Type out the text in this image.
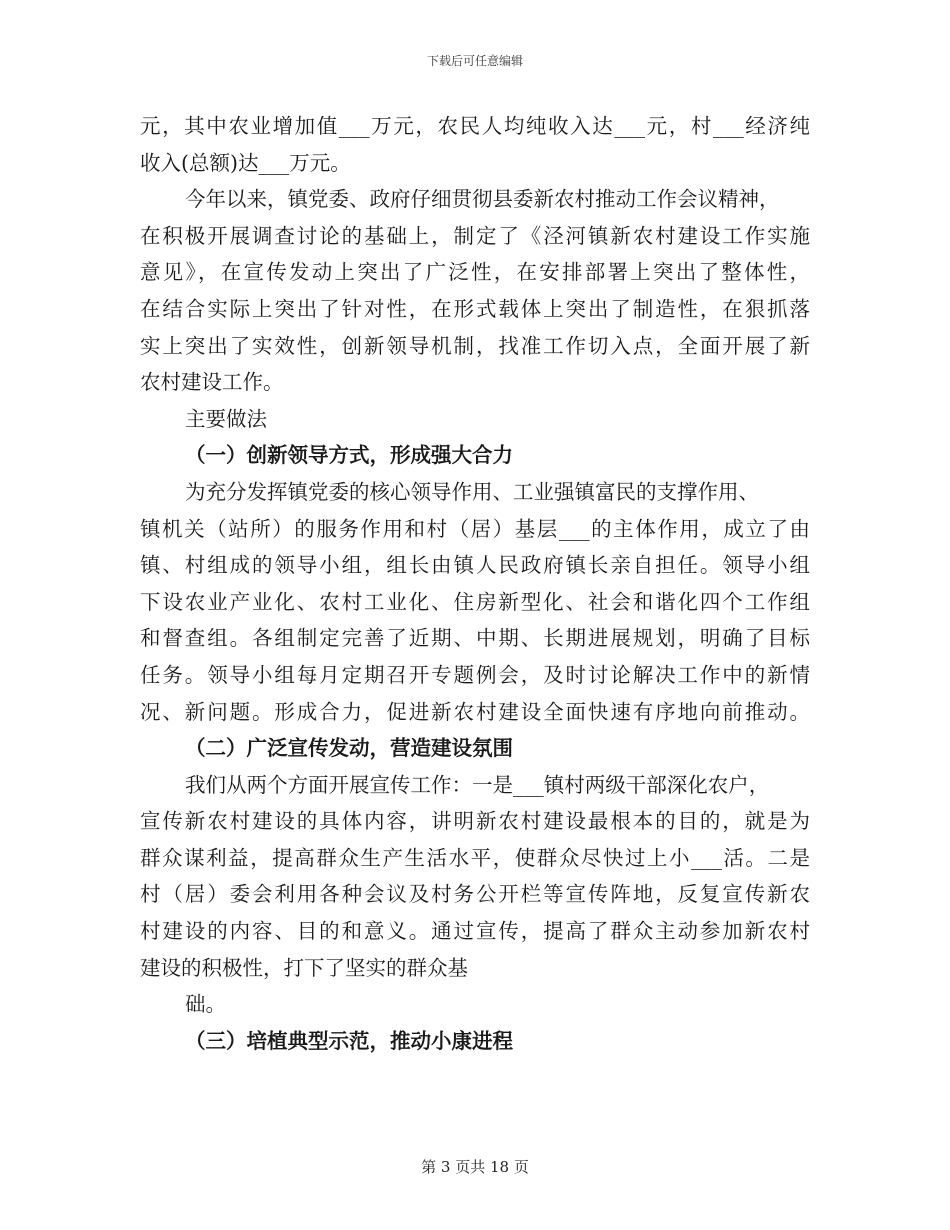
下载后可任意编辑
元，其中农业增加值___万元，农民人均纯收入达___元，村___经济纯
收入(总额)达___万元。
今年以来，镇党委、政府仔细贯彻县委新农村推动工作会议精神，
在积极开展调查讨论的基础上，制定了《泾河镇新农村建设工作实施
意见》，在宣传发动上突出了广泛性，在安排部署上突出了整体性，
在结合实际上突出了针对性，在形式载体上突出了制造性，在狠抓落
实上突出了实效性，创新领导机制，找准工作切入点，全面开展了新
农村建设工作。
主要做法
（一）创新领导方式，形成强大合力
为充分发挥镇党委的核心领导作用、工业强镇富民的支撑作用、
镇机关（站所）的服务作用和村（居）基层___的主体作用，成立了由
镇、村组成的领导小组，组长由镇人民政府镇长亲自担任。领导小组
下设农业产业化、农村工业化、住房新型化、社会和谐化四个工作组
和督查组。各组制定完善了近期、中期、长期进展规划，明确了目标
任务。领导小组每月定期召开专题例会，及时讨论解决工作中的新情
况、新问题。形成合力，促进新农村建设全面快速有序地向前推动。
（二）广泛宣传发动，营造建设氛围
我们从两个方面开展宣传工作：一是___镇村两级干部深化农户，
宣传新农村建设的具体内容，讲明新农村建设最根本的目的，就是为
群众谋利益，提高群众生产生活水平，使群众尽快过上小___活。二是
村（居）委会利用各种会议及村务公开栏等宣传阵地，反复宣传新农
村建设的内容、目的和意义。通过宣传，提高了群众主动参加新农村
建设的积极性，打下了坚实的群众基
础。
（三）培植典型示范，推动小康进程
第 3 页共 18 页
